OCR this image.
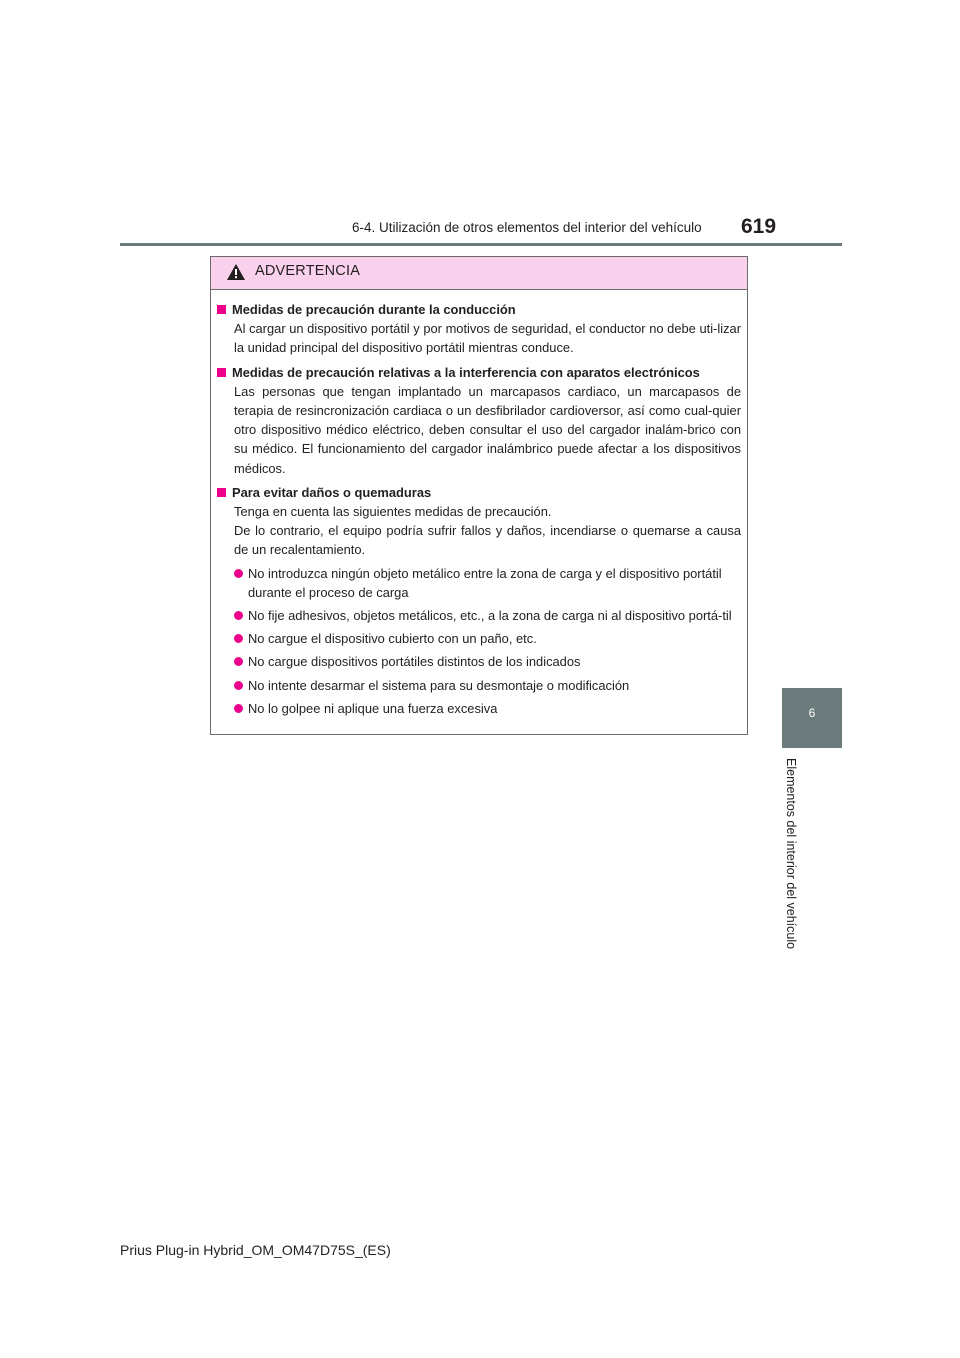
6-4. Utilización de otros elementos del interior del vehículo 619
6
Elementos del interior del vehículo
ADVERTENCIA
Medidas de precaución durante la conducción

Al cargar un dispositivo portátil y por motivos de seguridad, el conductor no debe uti-lizar la unidad principal del dispositivo portátil mientras conduce.

Medidas de precaución relativas a la interferencia con aparatos electrónicos

Las personas que tengan implantado un marcapasos cardiaco, un marcapasos de terapia de resincronización cardiaca o un desfibrilador cardioversor, así como cual-quier otro dispositivo médico eléctrico, deben consultar el uso del cargador inalám-brico con su médico. El funcionamiento del cargador inalámbrico puede afectar a los dispositivos médicos.

Para evitar daños o quemaduras

Tenga en cuenta las siguientes medidas de precaución.

De lo contrario, el equipo podría sufrir fallos y daños, incendiarse o quemarse a causa de un recalentamiento.

No introduzca ningún objeto metálico entre la zona de carga y el dispositivo portátil durante el proceso de carga
No fije adhesivos, objetos metálicos, etc., a la zona de carga ni al dispositivo portá-til
No cargue el dispositivo cubierto con un paño, etc.
No cargue dispositivos portátiles distintos de los indicados
No intente desarmar el sistema para su desmontaje o modificación
No lo golpee ni aplique una fuerza excesiva
Prius Plug-in Hybrid_OM_OM47D75S_(ES)
